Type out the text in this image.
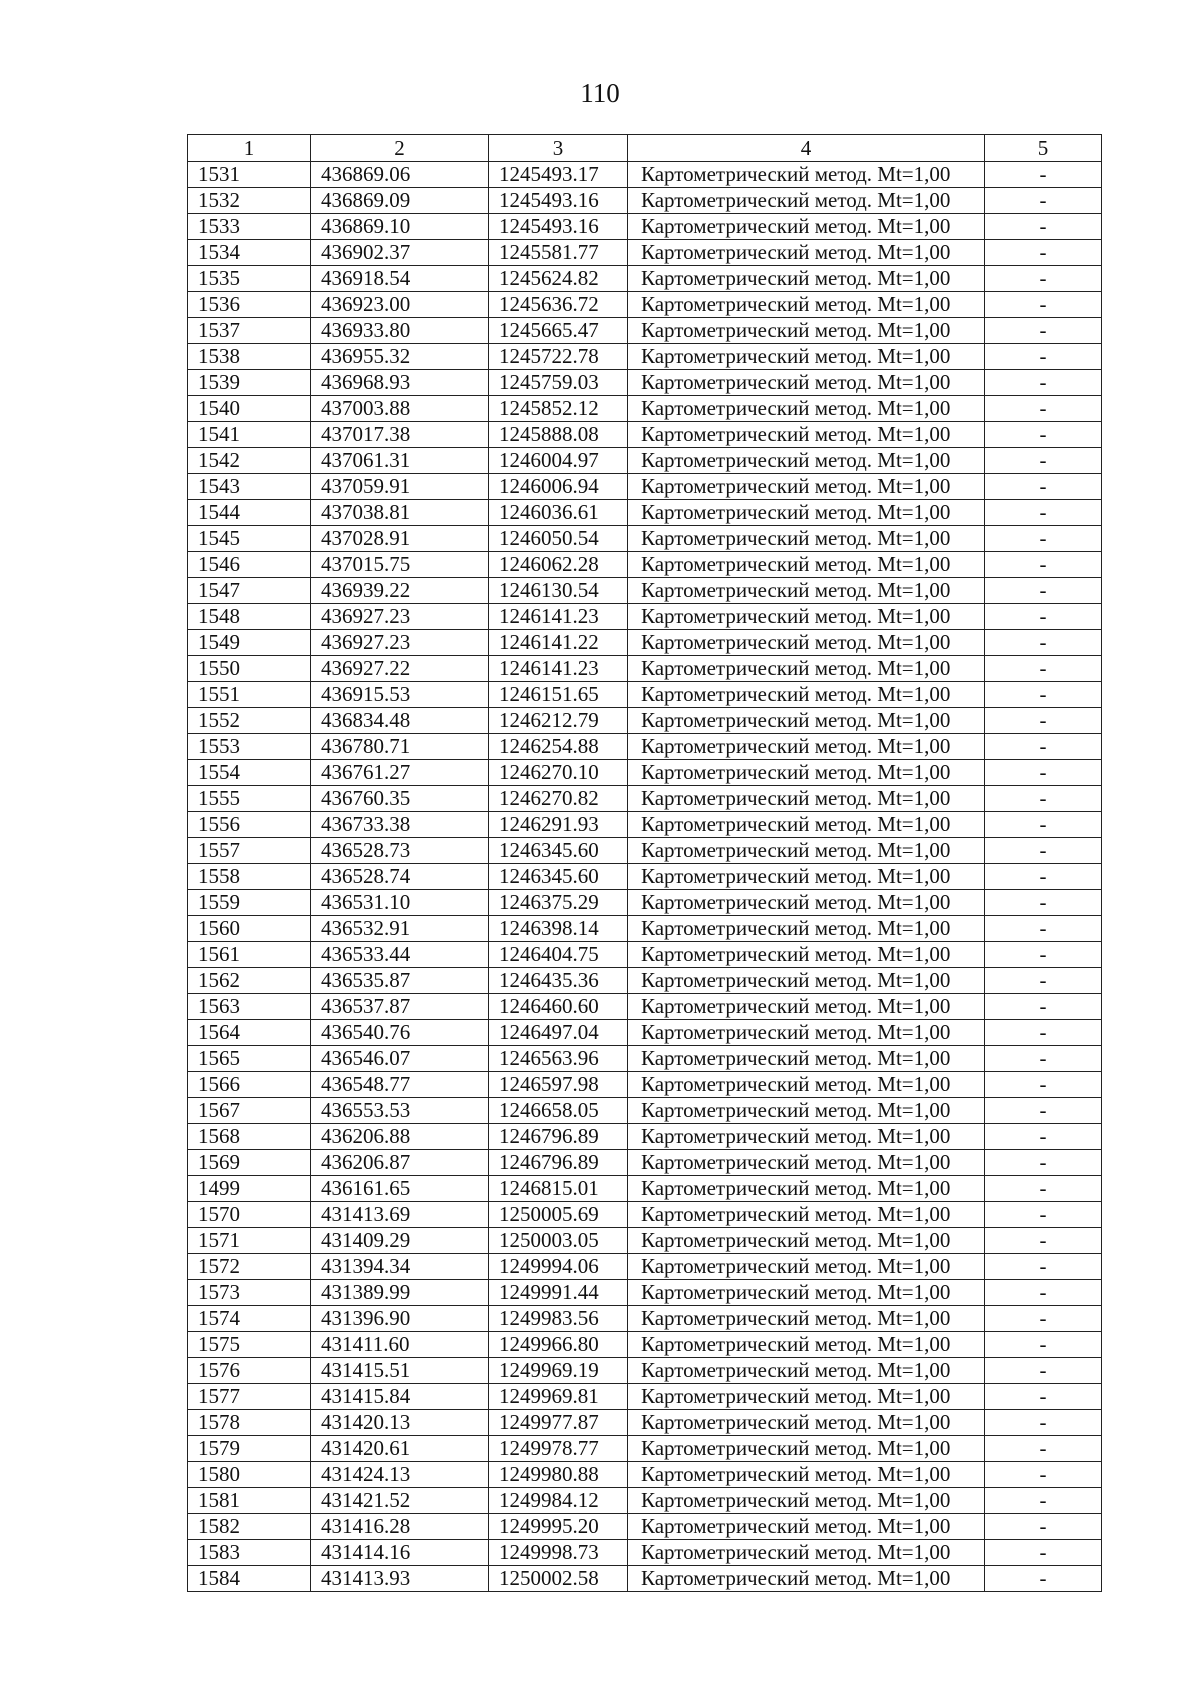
110
1	2	3	4	5
1531	436869.06	1245493.17	Картометрический метод. Mt=1,00	-
1532	436869.09	1245493.16	Картометрический метод. Mt=1,00	-
1533	436869.10	1245493.16	Картометрический метод. Mt=1,00	-
1534	436902.37	1245581.77	Картометрический метод. Mt=1,00	-
1535	436918.54	1245624.82	Картометрический метод. Mt=1,00	-
1536	436923.00	1245636.72	Картометрический метод. Mt=1,00	-
1537	436933.80	1245665.47	Картометрический метод. Mt=1,00	-
1538	436955.32	1245722.78	Картометрический метод. Mt=1,00	-
1539	436968.93	1245759.03	Картометрический метод. Mt=1,00	-
1540	437003.88	1245852.12	Картометрический метод. Mt=1,00	-
1541	437017.38	1245888.08	Картометрический метод. Mt=1,00	-
1542	437061.31	1246004.97	Картометрический метод. Mt=1,00	-
1543	437059.91	1246006.94	Картометрический метод. Mt=1,00	-
1544	437038.81	1246036.61	Картометрический метод. Mt=1,00	-
1545	437028.91	1246050.54	Картометрический метод. Mt=1,00	-
1546	437015.75	1246062.28	Картометрический метод. Mt=1,00	-
1547	436939.22	1246130.54	Картометрический метод. Mt=1,00	-
1548	436927.23	1246141.23	Картометрический метод. Mt=1,00	-
1549	436927.23	1246141.22	Картометрический метод. Mt=1,00	-
1550	436927.22	1246141.23	Картометрический метод. Mt=1,00	-
1551	436915.53	1246151.65	Картометрический метод. Mt=1,00	-
1552	436834.48	1246212.79	Картометрический метод. Mt=1,00	-
1553	436780.71	1246254.88	Картометрический метод. Mt=1,00	-
1554	436761.27	1246270.10	Картометрический метод. Mt=1,00	-
1555	436760.35	1246270.82	Картометрический метод. Mt=1,00	-
1556	436733.38	1246291.93	Картометрический метод. Mt=1,00	-
1557	436528.73	1246345.60	Картометрический метод. Mt=1,00	-
1558	436528.74	1246345.60	Картометрический метод. Mt=1,00	-
1559	436531.10	1246375.29	Картометрический метод. Mt=1,00	-
1560	436532.91	1246398.14	Картометрический метод. Mt=1,00	-
1561	436533.44	1246404.75	Картометрический метод. Mt=1,00	-
1562	436535.87	1246435.36	Картометрический метод. Mt=1,00	-
1563	436537.87	1246460.60	Картометрический метод. Mt=1,00	-
1564	436540.76	1246497.04	Картометрический метод. Mt=1,00	-
1565	436546.07	1246563.96	Картометрический метод. Mt=1,00	-
1566	436548.77	1246597.98	Картометрический метод. Mt=1,00	-
1567	436553.53	1246658.05	Картометрический метод. Mt=1,00	-
1568	436206.88	1246796.89	Картометрический метод. Mt=1,00	-
1569	436206.87	1246796.89	Картометрический метод. Mt=1,00	-
1499	436161.65	1246815.01	Картометрический метод. Mt=1,00	-
1570	431413.69	1250005.69	Картометрический метод. Mt=1,00	-
1571	431409.29	1250003.05	Картометрический метод. Mt=1,00	-
1572	431394.34	1249994.06	Картометрический метод. Mt=1,00	-
1573	431389.99	1249991.44	Картометрический метод. Mt=1,00	-
1574	431396.90	1249983.56	Картометрический метод. Mt=1,00	-
1575	431411.60	1249966.80	Картометрический метод. Mt=1,00	-
1576	431415.51	1249969.19	Картометрический метод. Mt=1,00	-
1577	431415.84	1249969.81	Картометрический метод. Mt=1,00	-
1578	431420.13	1249977.87	Картометрический метод. Mt=1,00	-
1579	431420.61	1249978.77	Картометрический метод. Mt=1,00	-
1580	431424.13	1249980.88	Картометрический метод. Mt=1,00	-
1581	431421.52	1249984.12	Картометрический метод. Mt=1,00	-
1582	431416.28	1249995.20	Картометрический метод. Mt=1,00	-
1583	431414.16	1249998.73	Картометрический метод. Mt=1,00	-
1584	431413.93	1250002.58	Картометрический метод. Mt=1,00	-
